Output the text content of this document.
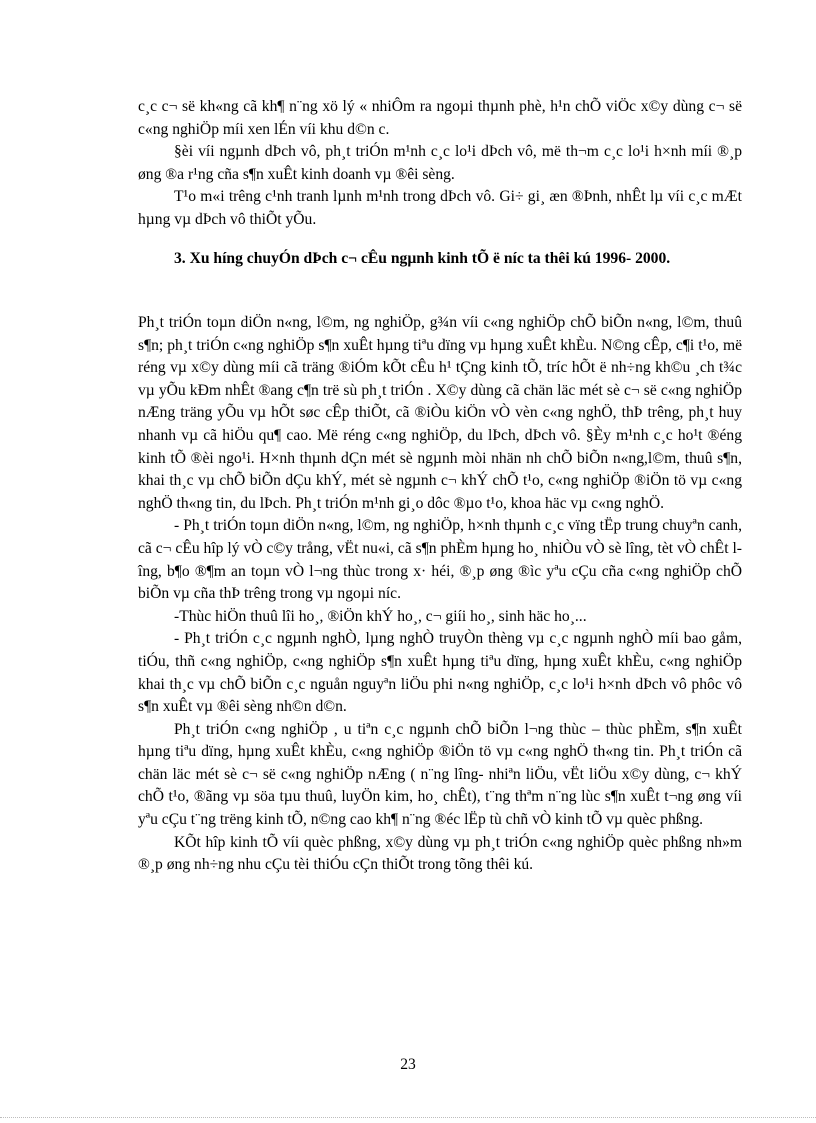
c¸c c¬ së kh«ng cã kh¶ n¨ng xö lý « nhiÔm ra ngoµi thµnh phè, h¹n chÕ viÖc x©y dùng c¬ së c«ng nghiÖp míi xen lÉn víi khu d©n c.

§èi víi ngµnh dÞch vô, ph¸t triÓn m¹nh c¸c lo¹i dÞch vô, më th¬m c¸c lo¹i h×nh míi ®¸p øng ®a r¹ng cña s¶n xuÊt kinh doanh vµ ®êi sèng.

T¹o m«i trêng c¹nh tranh lµnh m¹nh trong dÞch vô. Gi÷ gi¸ æn ®Þnh, nhÊt lµ víi c¸c mÆt hµng vµ dÞch vô thiÕt yÕu.

3. Xu híng chuyÓn dÞch c¬ cÊu ngµnh kinh tÕ ë níc ta thêi kú 1996- 2000.

Ph¸t triÓn toµn diÖn n«ng, l©m, ng nghiÖp, g¾n víi c«ng nghiÖp chÕ biÕn n«ng, l©m, thuû s¶n; ph¸t triÓn c«ng nghiÖp s¶n xuÊt hµng tiªu dïng vµ hµng xuÊt khÈu. N©ng cÊp, c¶i t¹o, më réng vµ x©y dùng míi cã träng ®iÓm kÕt cÊu h¹ tÇng kinh tÕ, tríc hÕt ë nh÷ng kh©u ¸ch t¾c vµ yÕu kÐm nhÊt ®ang c¶n trë sù ph¸t triÓn . X©y dùng cã chän läc mét sè c¬ së c«ng nghiÖp nÆng träng yÕu vµ hÕt søc cÊp thiÕt, cã ®iÒu kiÖn vÒ vèn c«ng nghÖ, thÞ trêng, ph¸t huy nhanh vµ cã hiÖu qu¶ cao. Më réng c«ng nghiÖp, du lÞch, dÞch vô. §Èy m¹nh c¸c ho¹t ®éng kinh tÕ ®èi ngo¹i. H×nh thµnh dÇn mét sè ngµnh mòi nhän nh chÕ biÕn n«ng,l©m, thuû s¶n, khai th¸c vµ chÕ biÕn dÇu khÝ, mét sè ngµnh c¬ khÝ chÕ t¹o, c«ng nghiÖp ®iÖn tö vµ c«ng nghÖ th«ng tin, du lÞch. Ph¸t triÓn m¹nh gi¸o dôc ®µo t¹o, khoa häc vµ c«ng nghÖ.

- Ph¸t triÓn toµn diÖn n«ng, l©m, ng nghiÖp, h×nh thµnh c¸c vïng tËp trung chuyªn canh, cã c¬ cÊu hîp lý vÒ c©y trång, vËt nu«i, cã s¶n phÈm hµng ho¸ nhiÒu vÒ sè lîng, tèt vÒ chÊt lîng, b¶o ®¶m an toµn vÒ l¬ng thùc trong x· héi, ®¸p øng ®ìc yªu cÇu cña c«ng nghiÖp chÕ biÕn vµ cña thÞ trêng trong vµ ngoµi níc.

-Thùc hiÖn thuû lîi ho¸, ®iÖn khÝ ho¸, c¬ giíi ho¸, sinh häc ho¸...

- Ph¸t triÓn c¸c ngµnh nghÒ, lµng nghÒ truyÒn thèng vµ c¸c ngµnh nghÒ míi bao gåm, tiÓu, thñ c«ng nghiÖp, c«ng nghiÖp s¶n xuÊt hµng tiªu dïng, hµng xuÊt khÈu, c«ng nghiÖp khai th¸c vµ chÕ biÕn c¸c nguån nguyªn liÖu phi n«ng nghiÖp, c¸c lo¹i h×nh dÞch vô phôc vô s¶n xuÊt vµ ®êi sèng nh©n d©n.

Ph¸t triÓn c«ng nghiÖp , u tiªn c¸c ngµnh chÕ biÕn l¬ng thùc – thùc phÈm, s¶n xuÊt hµng tiªu dïng, hµng xuÊt khÈu, c«ng nghiÖp ®iÖn tö vµ c«ng nghÖ th«ng tin. Ph¸t triÓn cã chän läc mét sè c¬ së c«ng nghiÖp nÆng ( n¨ng lîng- nhiªn liÖu, vËt liÖu x©y dùng, c¬ khÝ chÕ t¹o, ®ãng vµ söa tµu thuû, luyÖn kim, ho¸ chÊt), t¨ng thªm n¨ng lùc s¶n xuÊt t¬ng øng víi yªu cÇu t¨ng trëng kinh tÕ, n©ng cao kh¶ n¨ng ®éc lËp tù chñ vÒ kinh tÕ vµ quèc phßng.

KÕt hîp kinh tÕ víi quèc phßng, x©y dùng vµ ph¸t triÓn c«ng nghiÖp quèc phßng nh»m ®¸p øng nh÷ng nhu cÇu tèi thiÓu cÇn thiÕt trong tõng thêi kú.

23
